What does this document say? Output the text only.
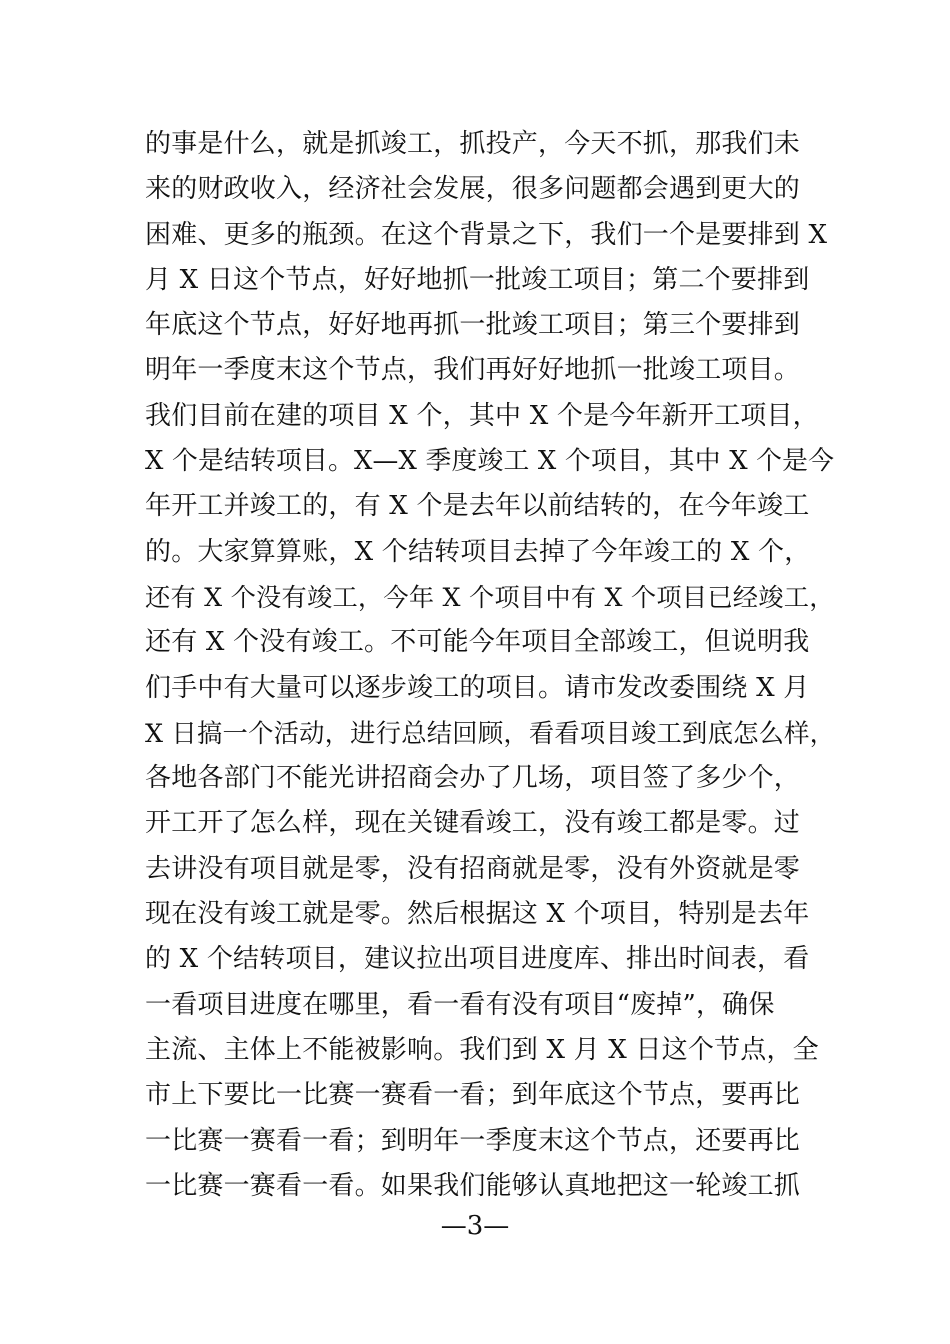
的事是什么，就是抓竣工，抓投产，今天不抓，那我们未
来的财政收入，经济社会发展，很多问题都会遇到更大的
困难、更多的瓶颈。在这个背景之下，我们一个是要排到 X
月 X 日这个节点，好好地抓一批竣工项目；第二个要排到
年底这个节点，好好地再抓一批竣工项目；第三个要排到
明年一季度末这个节点，我们再好好地抓一批竣工项目。
我们目前在建的项目 X 个，其中 X 个是今年新开工项目，
X 个是结转项目。X—X 季度竣工 X 个项目，其中 X 个是今
年开工并竣工的，有 X 个是去年以前结转的，在今年竣工
的。大家算算账，X 个结转项目去掉了今年竣工的 X 个，
还有 X 个没有竣工，今年 X 个项目中有 X 个项目已经竣工，
还有 X 个没有竣工。不可能今年项目全部竣工，但说明我
们手中有大量可以逐步竣工的项目。请市发改委围绕 X 月
X 日搞一个活动，进行总结回顾，看看项目竣工到底怎么样，
各地各部门不能光讲招商会办了几场，项目签了多少个，
开工开了怎么样，现在关键看竣工，没有竣工都是零。过
去讲没有项目就是零，没有招商就是零，没有外资就是零
现在没有竣工就是零。然后根据这 X 个项目，特别是去年
的 X 个结转项目，建议拉出项目进度库、排出时间表，看
一看项目进度在哪里，看一看有没有项目“废掉”，确保
主流、主体上不能被影响。我们到 X 月 X 日这个节点，全
市上下要比一比赛一赛看一看；到年底这个节点，要再比
一比赛一赛看一看；到明年一季度末这个节点，还要再比
一比赛一赛看一看。如果我们能够认真地把这一轮竣工抓
—3—
